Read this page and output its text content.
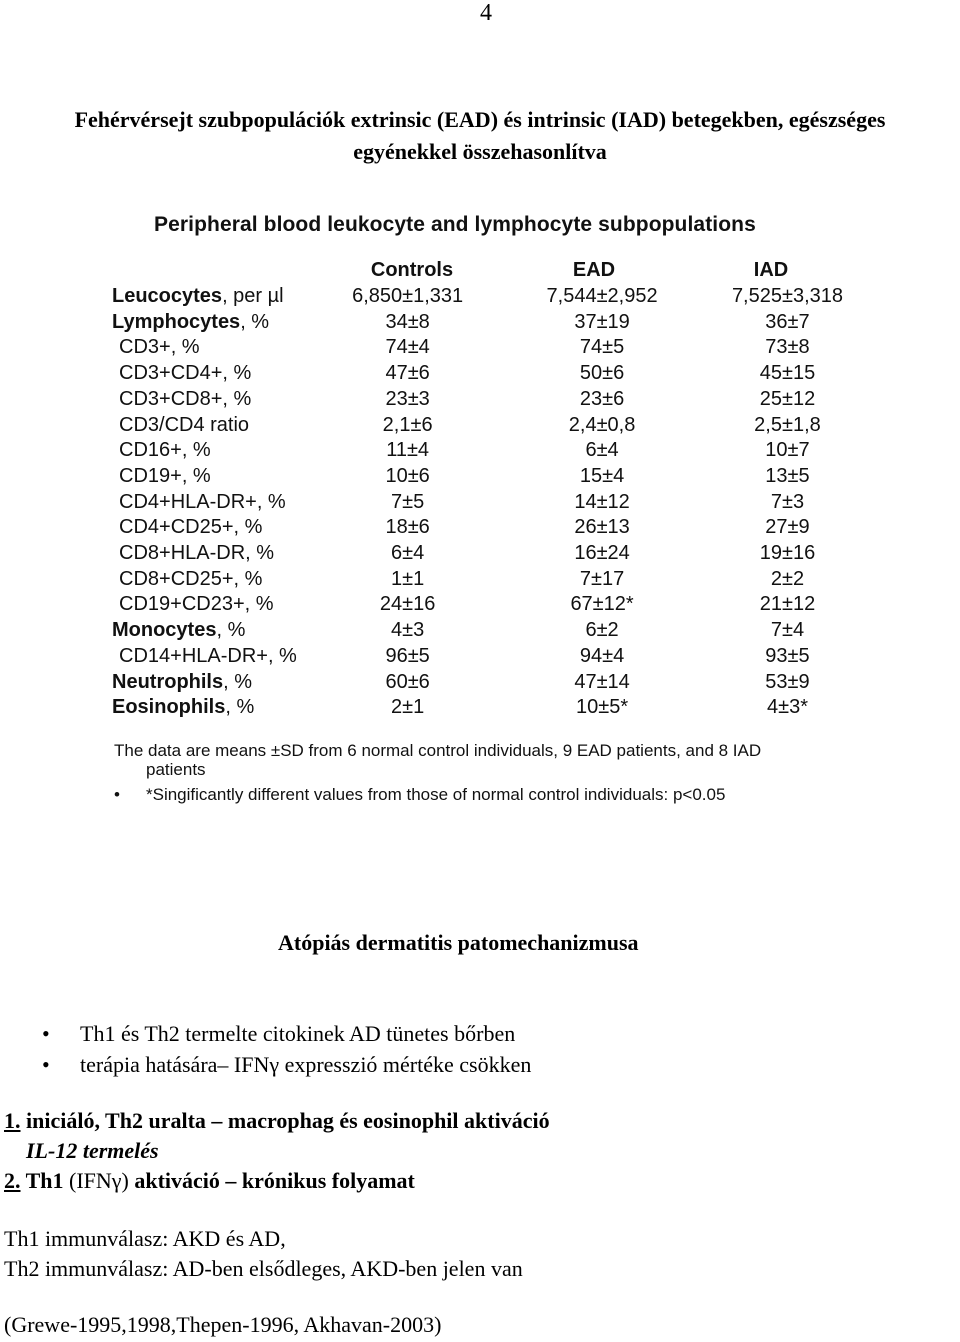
4
Fehérvérsejt szubpopulációk extrinsic (EAD) és intrinsic (IAD) betegekben, egészséges
egyénekkel összehasonlítva
Peripheral blood leukocyte and lymphocyte subpopulations
Controls	EAD	IAD
Leucocytes, per µl	6,850±1,331	7,544±2,952	7,525±3,318
Lymphocytes, %	34±8	37±19	36±7
CD3+, %	74±4	74±5	73±8
CD3+CD4+, %	47±6	50±6	45±15
CD3+CD8+, %	23±3	23±6	25±12
CD3/CD4 ratio	2,1±6	2,4±0,8	2,5±1,8
CD16+, %	11±4	6±4	10±7
CD19+, %	10±6	15±4	13±5
CD4+HLA-DR+, %	7±5	14±12	7±3
CD4+CD25+, %	18±6	26±13	27±9
CD8+HLA-DR, %	6±4	16±24	19±16
CD8+CD25+, %	1±1	7±17	2±2
CD19+CD23+, %	24±16	67±12*	21±12
Monocytes, %	4±3	6±2	7±4
CD14+HLA-DR+, %	96±5	94±4	93±5
Neutrophils, %	60±6	47±14	53±9
Eosinophils, %	2±1	10±5*	4±3*
The data are means ±SD from 6 normal control individuals, 9 EAD patients, and 8 IAD
patients
• *Singificantly different values from those of normal control individuals: p<0.05
Atópiás dermatitis patomechanizmusa
• Th1 és Th2 termelte citokinek AD tünetes bőrben
• terápia hatására– IFNγ expresszió mértéke csökken
1. iniciáló, Th2 uralta – macrophag és eosinophil aktiváció
IL-12 termelés
2. Th1 (IFNγ) aktiváció – krónikus folyamat
Th1 immunválasz: AKD és AD,
Th2 immunválasz: AD-ben elsődleges, AKD-ben jelen van
(Grewe-1995,1998,Thepen-1996, Akhavan-2003)
